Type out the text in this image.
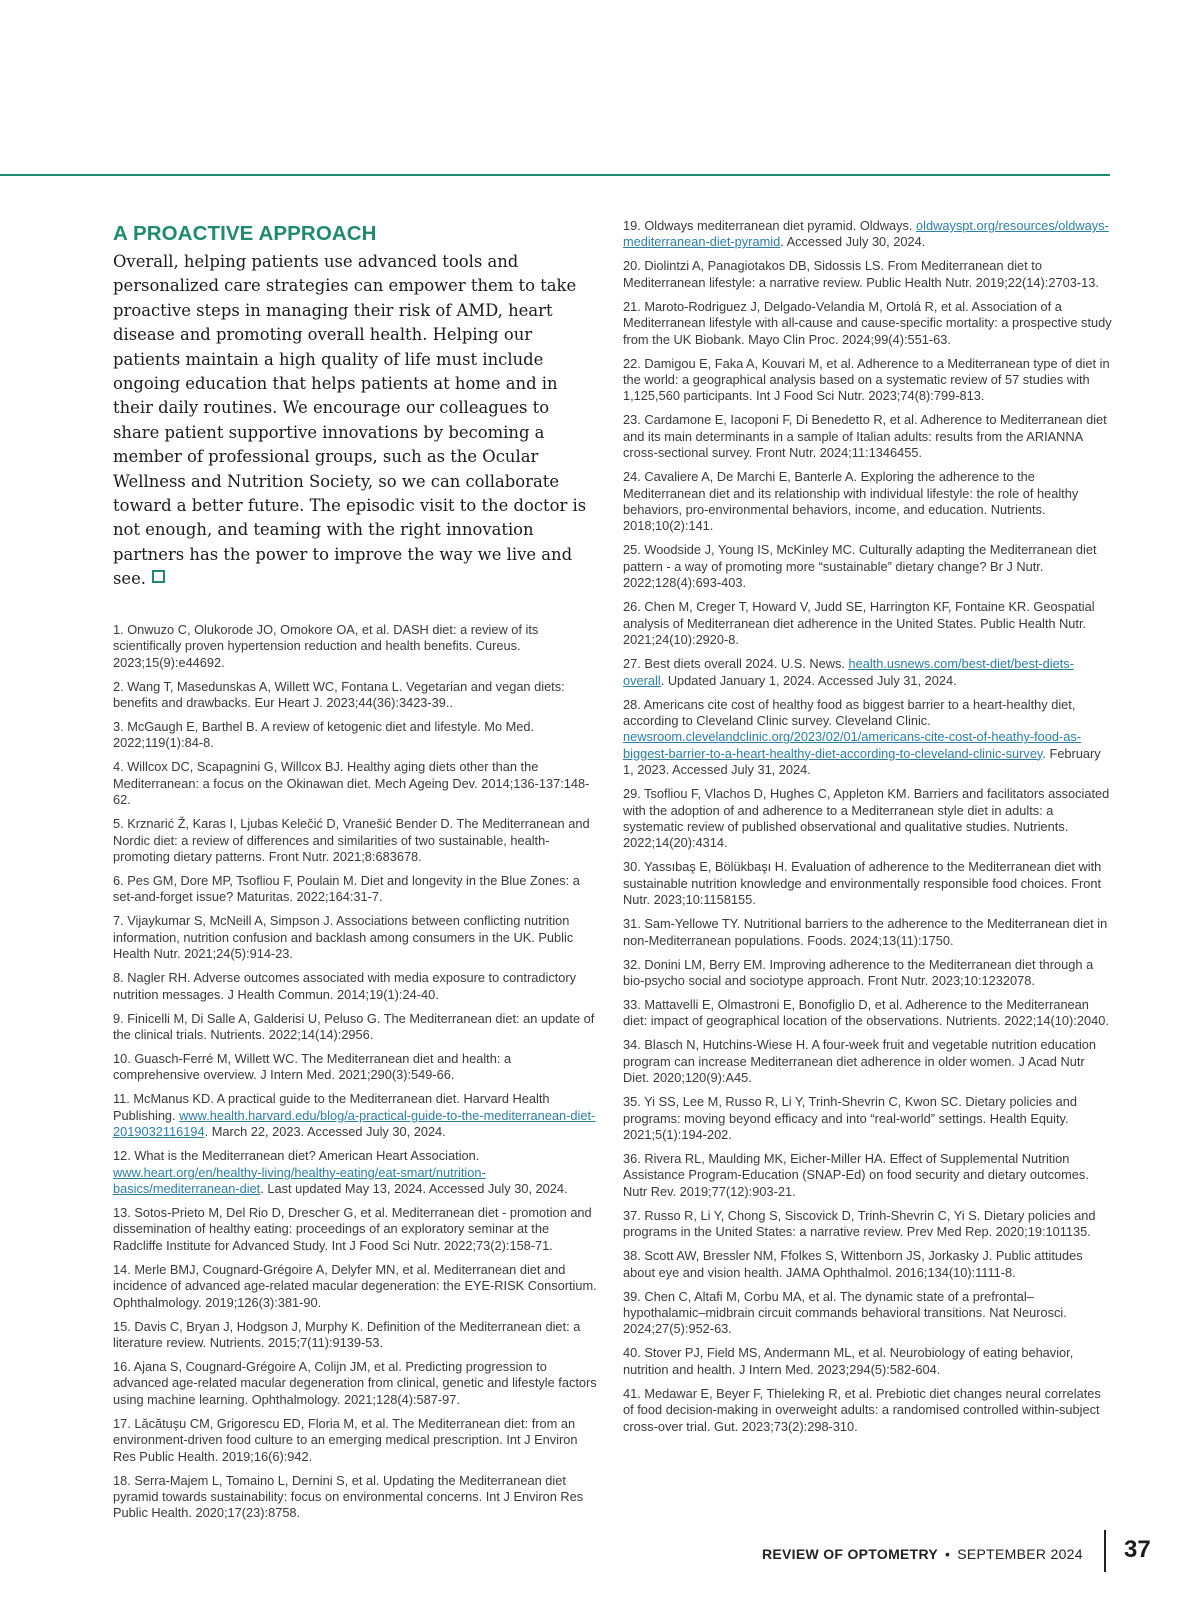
A PROACTIVE APPROACH

Overall, helping patients use advanced tools and personalized care strategies can empower them to take proactive steps in managing their risk of AMD, heart disease and promoting overall health. Helping our patients maintain a high quality of life must include ongoing education that helps patients at home and in their daily routines. We encourage our colleagues to share patient supportive innovations by becoming a member of professional groups, such as the Ocular Wellness and Nutrition Society, so we can collaborate toward a better future. The episodic visit to the doctor is not enough, and teaming with the right innovation partners has the power to improve the way we live and see.

1. Onwuzo C, Olukorode JO, Omokore OA, et al. DASH diet: a review of its scientifically proven hypertension reduction and health benefits. Cureus. 2023;15(9):e44692.
2. Wang T, Masedunskas A, Willett WC, Fontana L. Vegetarian and vegan diets: benefits and drawbacks. Eur Heart J. 2023;44(36):3423-39..
3. McGaugh E, Barthel B. A review of ketogenic diet and lifestyle. Mo Med. 2022;119(1):84-8.
4. Willcox DC, Scapagnini G, Willcox BJ. Healthy aging diets other than the Mediterranean: a focus on the Okinawan diet. Mech Ageing Dev. 2014;136-137:148-62.
5. Krznarić Ž, Karas I, Ljubas Kelečić D, Vranešić Bender D. The Mediterranean and Nordic diet: a review of differences and similarities of two sustainable, health-promoting dietary patterns. Front Nutr. 2021;8:683678.
6. Pes GM, Dore MP, Tsofliou F, Poulain M. Diet and longevity in the Blue Zones: a set-and-forget issue? Maturitas. 2022;164:31-7.
7. Vijaykumar S, McNeill A, Simpson J. Associations between conflicting nutrition information, nutrition confusion and backlash among consumers in the UK. Public Health Nutr. 2021;24(5):914-23.
8. Nagler RH. Adverse outcomes associated with media exposure to contradictory nutrition messages. J Health Commun. 2014;19(1):24-40.
9. Finicelli M, Di Salle A, Galderisi U, Peluso G. The Mediterranean diet: an update of the clinical trials. Nutrients. 2022;14(14):2956.
10. Guasch-Ferré M, Willett WC. The Mediterranean diet and health: a comprehensive overview. J Intern Med. 2021;290(3):549-66.
11. McManus KD. A practical guide to the Mediterranean diet. Harvard Health Publishing. www.health.harvard.edu/blog/a-practical-guide-to-the-mediterranean-diet-2019032116194. March 22, 2023. Accessed July 30, 2024.
12. What is the Mediterranean diet? American Heart Association. www.heart.org/en/healthy-living/healthy-eating/eat-smart/nutrition-basics/mediterranean-diet. Last updated May 13, 2024. Accessed July 30, 2024.
13. Sotos-Prieto M, Del Rio D, Drescher G, et al. Mediterranean diet - promotion and dissemination of healthy eating: proceedings of an exploratory seminar at the Radcliffe Institute for Advanced Study. Int J Food Sci Nutr. 2022;73(2):158-71.
14. Merle BMJ, Cougnard-Grégoire A, Delyfer MN, et al. Mediterranean diet and incidence of advanced age-related macular degeneration: the EYE-RISK Consortium. Ophthalmology. 2019;126(3):381-90.
15. Davis C, Bryan J, Hodgson J, Murphy K. Definition of the Mediterranean diet: a literature review. Nutrients. 2015;7(11):9139-53.
16. Ajana S, Cougnard-Grégoire A, Colijn JM, et al. Predicting progression to advanced age-related macular degeneration from clinical, genetic and lifestyle factors using machine learning. Ophthalmology. 2021;128(4):587-97.
17. Lăcătuşu CM, Grigorescu ED, Floria M, et al. The Mediterranean diet: from an environment-driven food culture to an emerging medical prescription. Int J Environ Res Public Health. 2019;16(6):942.
18. Serra-Majem L, Tomaino L, Dernini S, et al. Updating the Mediterranean diet pyramid towards sustainability: focus on environmental concerns. Int J Environ Res Public Health. 2020;17(23):8758.
19. Oldways mediterranean diet pyramid. Oldways. oldwayspt.org/resources/oldways-mediterranean-diet-pyramid. Accessed July 30, 2024.
20. Diolintzi A, Panagiotakos DB, Sidossis LS. From Mediterranean diet to Mediterranean lifestyle: a narrative review. Public Health Nutr. 2019;22(14):2703-13.
21. Maroto-Rodriguez J, Delgado-Velandia M, Ortolá R, et al. Association of a Mediterranean lifestyle with all-cause and cause-specific mortality: a prospective study from the UK Biobank. Mayo Clin Proc. 2024;99(4):551-63.
22. Damigou E, Faka A, Kouvari M, et al. Adherence to a Mediterranean type of diet in the world: a geographical analysis based on a systematic review of 57 studies with 1,125,560 participants. Int J Food Sci Nutr. 2023;74(8):799-813.
23. Cardamone E, Iacoponi F, Di Benedetto R, et al. Adherence to Mediterranean diet and its main determinants in a sample of Italian adults: results from the ARIANNA cross-sectional survey. Front Nutr. 2024;11:1346455.
24. Cavaliere A, De Marchi E, Banterle A. Exploring the adherence to the Mediterranean diet and its relationship with individual lifestyle: the role of healthy behaviors, pro-environmental behaviors, income, and education. Nutrients. 2018;10(2):141.
25. Woodside J, Young IS, McKinley MC. Culturally adapting the Mediterranean diet pattern - a way of promoting more “sustainable” dietary change? Br J Nutr. 2022;128(4):693-403.
26. Chen M, Creger T, Howard V, Judd SE, Harrington KF, Fontaine KR. Geospatial analysis of Mediterranean diet adherence in the United States. Public Health Nutr. 2021;24(10):2920-8.
27. Best diets overall 2024. U.S. News. health.usnews.com/best-diet/best-diets-overall. Updated January 1, 2024. Accessed July 31, 2024.
28. Americans cite cost of healthy food as biggest barrier to a heart-healthy diet, according to Cleveland Clinic survey. Cleveland Clinic. newsroom.clevelandclinic.org/2023/02/01/americans-cite-cost-of-heathy-food-as-biggest-barrier-to-a-heart-healthy-diet-according-to-cleveland-clinic-survey. February 1, 2023. Accessed July 31, 2024.
29. Tsofliou F, Vlachos D, Hughes C, Appleton KM. Barriers and facilitators associated with the adoption of and adherence to a Mediterranean style diet in adults: a systematic review of published observational and qualitative studies. Nutrients. 2022;14(20):4314.
30. Yassıbaş E, Bölükbaşı H. Evaluation of adherence to the Mediterranean diet with sustainable nutrition knowledge and environmentally responsible food choices. Front Nutr. 2023;10:1158155.
31. Sam-Yellowe TY. Nutritional barriers to the adherence to the Mediterranean diet in non-Mediterranean populations. Foods. 2024;13(11):1750.
32. Donini LM, Berry EM. Improving adherence to the Mediterranean diet through a bio-psycho social and sociotype approach. Front Nutr. 2023;10:1232078.
33. Mattavelli E, Olmastroni E, Bonofiglio D, et al. Adherence to the Mediterranean diet: impact of geographical location of the observations. Nutrients. 2022;14(10):2040.
34. Blasch N, Hutchins-Wiese H. A four-week fruit and vegetable nutrition education program can increase Mediterranean diet adherence in older women. J Acad Nutr Diet. 2020;120(9):A45.
35. Yi SS, Lee M, Russo R, Li Y, Trinh-Shevrin C, Kwon SC. Dietary policies and programs: moving beyond efficacy and into “real-world” settings. Health Equity. 2021;5(1):194-202.
36. Rivera RL, Maulding MK, Eicher-Miller HA. Effect of Supplemental Nutrition Assistance Program-Education (SNAP-Ed) on food security and dietary outcomes. Nutr Rev. 2019;77(12):903-21.
37. Russo R, Li Y, Chong S, Siscovick D, Trinh-Shevrin C, Yi S. Dietary policies and programs in the United States: a narrative review. Prev Med Rep. 2020;19:101135.
38. Scott AW, Bressler NM, Ffolkes S, Wittenborn JS, Jorkasky J. Public attitudes about eye and vision health. JAMA Ophthalmol. 2016;134(10):1111-8.
39. Chen C, Altafi M, Corbu MA, et al. The dynamic state of a prefrontal–hypothalamic–midbrain circuit commands behavioral transitions. Nat Neurosci. 2024;27(5):952-63.
40. Stover PJ, Field MS, Andermann ML, et al. Neurobiology of eating behavior, nutrition and health. J Intern Med. 2023;294(5):582-604.
41. Medawar E, Beyer F, Thieleking R, et al. Prebiotic diet changes neural correlates of food decision-making in overweight adults: a randomised controlled within-subject cross-over trial. Gut. 2023;73(2):298-310.
REVIEW OF OPTOMETRY • SEPTEMBER 2024 37
